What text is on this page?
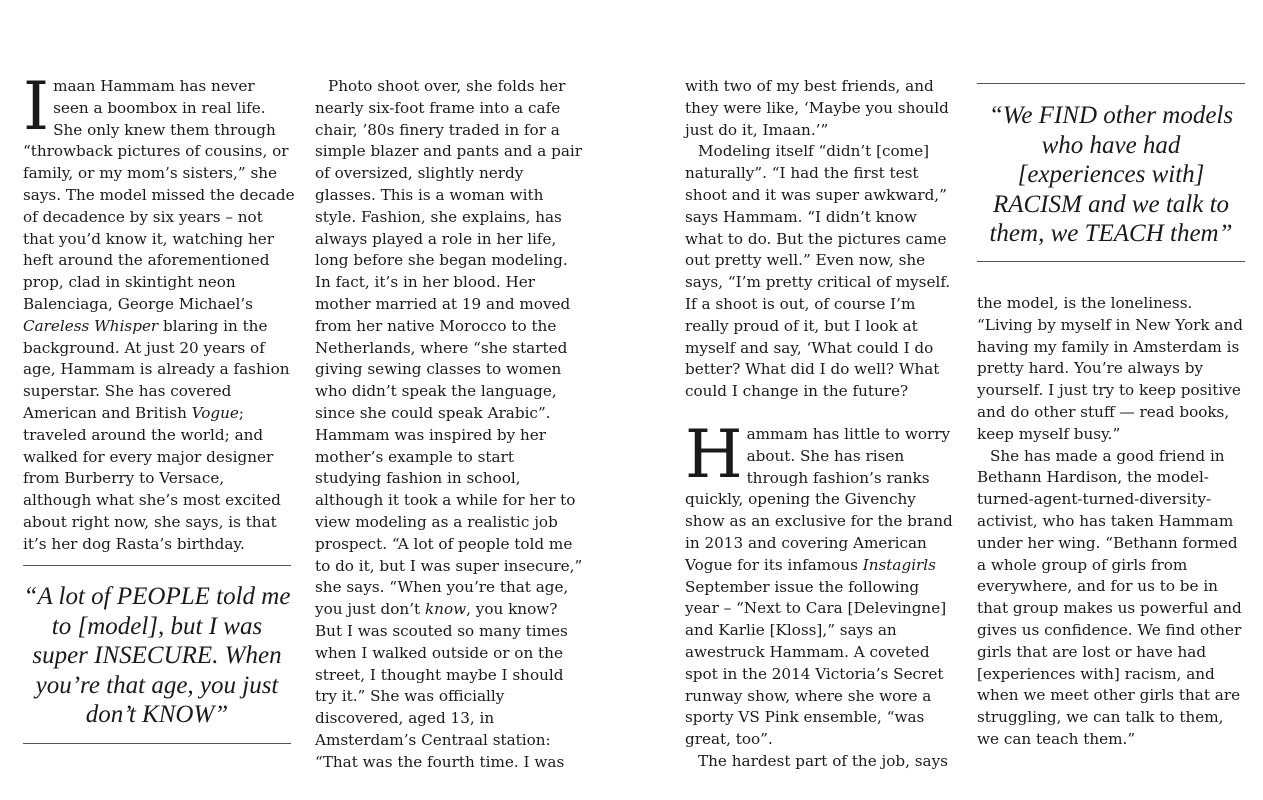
Imaan Hammam has never seen a boombox in real life. She only knew them through “throwback pictures of cousins, or family, or my mom’s sisters,” she says. The model missed the decade of decadence by six years – not that you’d know it, watching her heft around the aforementioned prop, clad in skintight neon Balenciaga, George Michael’s Careless Whisper blaring in the background. At just 20 years of age, Hammam is already a fashion superstar. She has covered American and British Vogue; traveled around the world; and walked for every major designer from Burberry to Versace, although what she’s most excited about right now, she says, is that it’s her dog Rasta’s birthday.

“A lot of PEOPLE told me to [model], but I was super INSECURE. When you’re that age, you just don’t KNOW”

Photo shoot over, she folds her nearly six-foot frame into a cafe chair, ’80s finery traded in for a simple blazer and pants and a pair of oversized, slightly nerdy glasses. This is a woman with style. Fashion, she explains, has always played a role in her life, long before she began modeling. In fact, it’s in her blood. Her mother married at 19 and moved from her native Morocco to the Netherlands, where “she started giving sewing classes to women who didn’t speak the language, since she could speak Arabic”. Hammam was inspired by her mother’s example to start studying fashion in school, although it took a while for her to view modeling as a realistic job prospect. “A lot of people told me to do it, but I was super insecure,” she says. “When you’re that age, you just don’t know, you know? But I was scouted so many times when I walked outside or on the street, I thought maybe I should try it.” She was officially discovered, aged 13, in Amsterdam’s Centraal station: “That was the fourth time. I was

with two of my best friends, and they were like, ‘Maybe you should just do it, Imaan.’”

Modeling itself “didn’t [come] naturally”. “I had the first test shoot and it was super awkward,” says Hammam. “I didn’t know what to do. But the pictures came out pretty well.” Even now, she says, “I’m pretty critical of myself. If a shoot is out, of course I’m really proud of it, but I look at myself and say, ‘What could I do better? What did I do well? What could I change in the future?

Hammam has little to worry about. She has risen through fashion’s ranks quickly, opening the Givenchy show as an exclusive for the brand in 2013 and covering American Vogue for its infamous Instagirls September issue the following year – “Next to Cara [Delevingne] and Karlie [Kloss],” says an awestruck Hammam. A coveted spot in the 2014 Victoria’s Secret runway show, where she wore a sporty VS Pink ensemble, “was great, too”.

The hardest part of the job, says

“We FIND other models who have had [experiences with] RACISM and we talk to them, we TEACH them”

the model, is the loneliness. “Living by myself in New York and having my family in Amsterdam is pretty hard. You’re always by yourself. I just try to keep positive and do other stuff — read books, keep myself busy.”

She has made a good friend in Bethann Hardison, the model-turned-agent-turned-diversity-activist, who has taken Hammam under her wing. “Bethann formed a whole group of girls from everywhere, and for us to be in that group makes us powerful and gives us confidence. We find other girls that are lost or have had [experiences with] racism, and when we meet other girls that are struggling, we can talk to them, we can teach them.”
